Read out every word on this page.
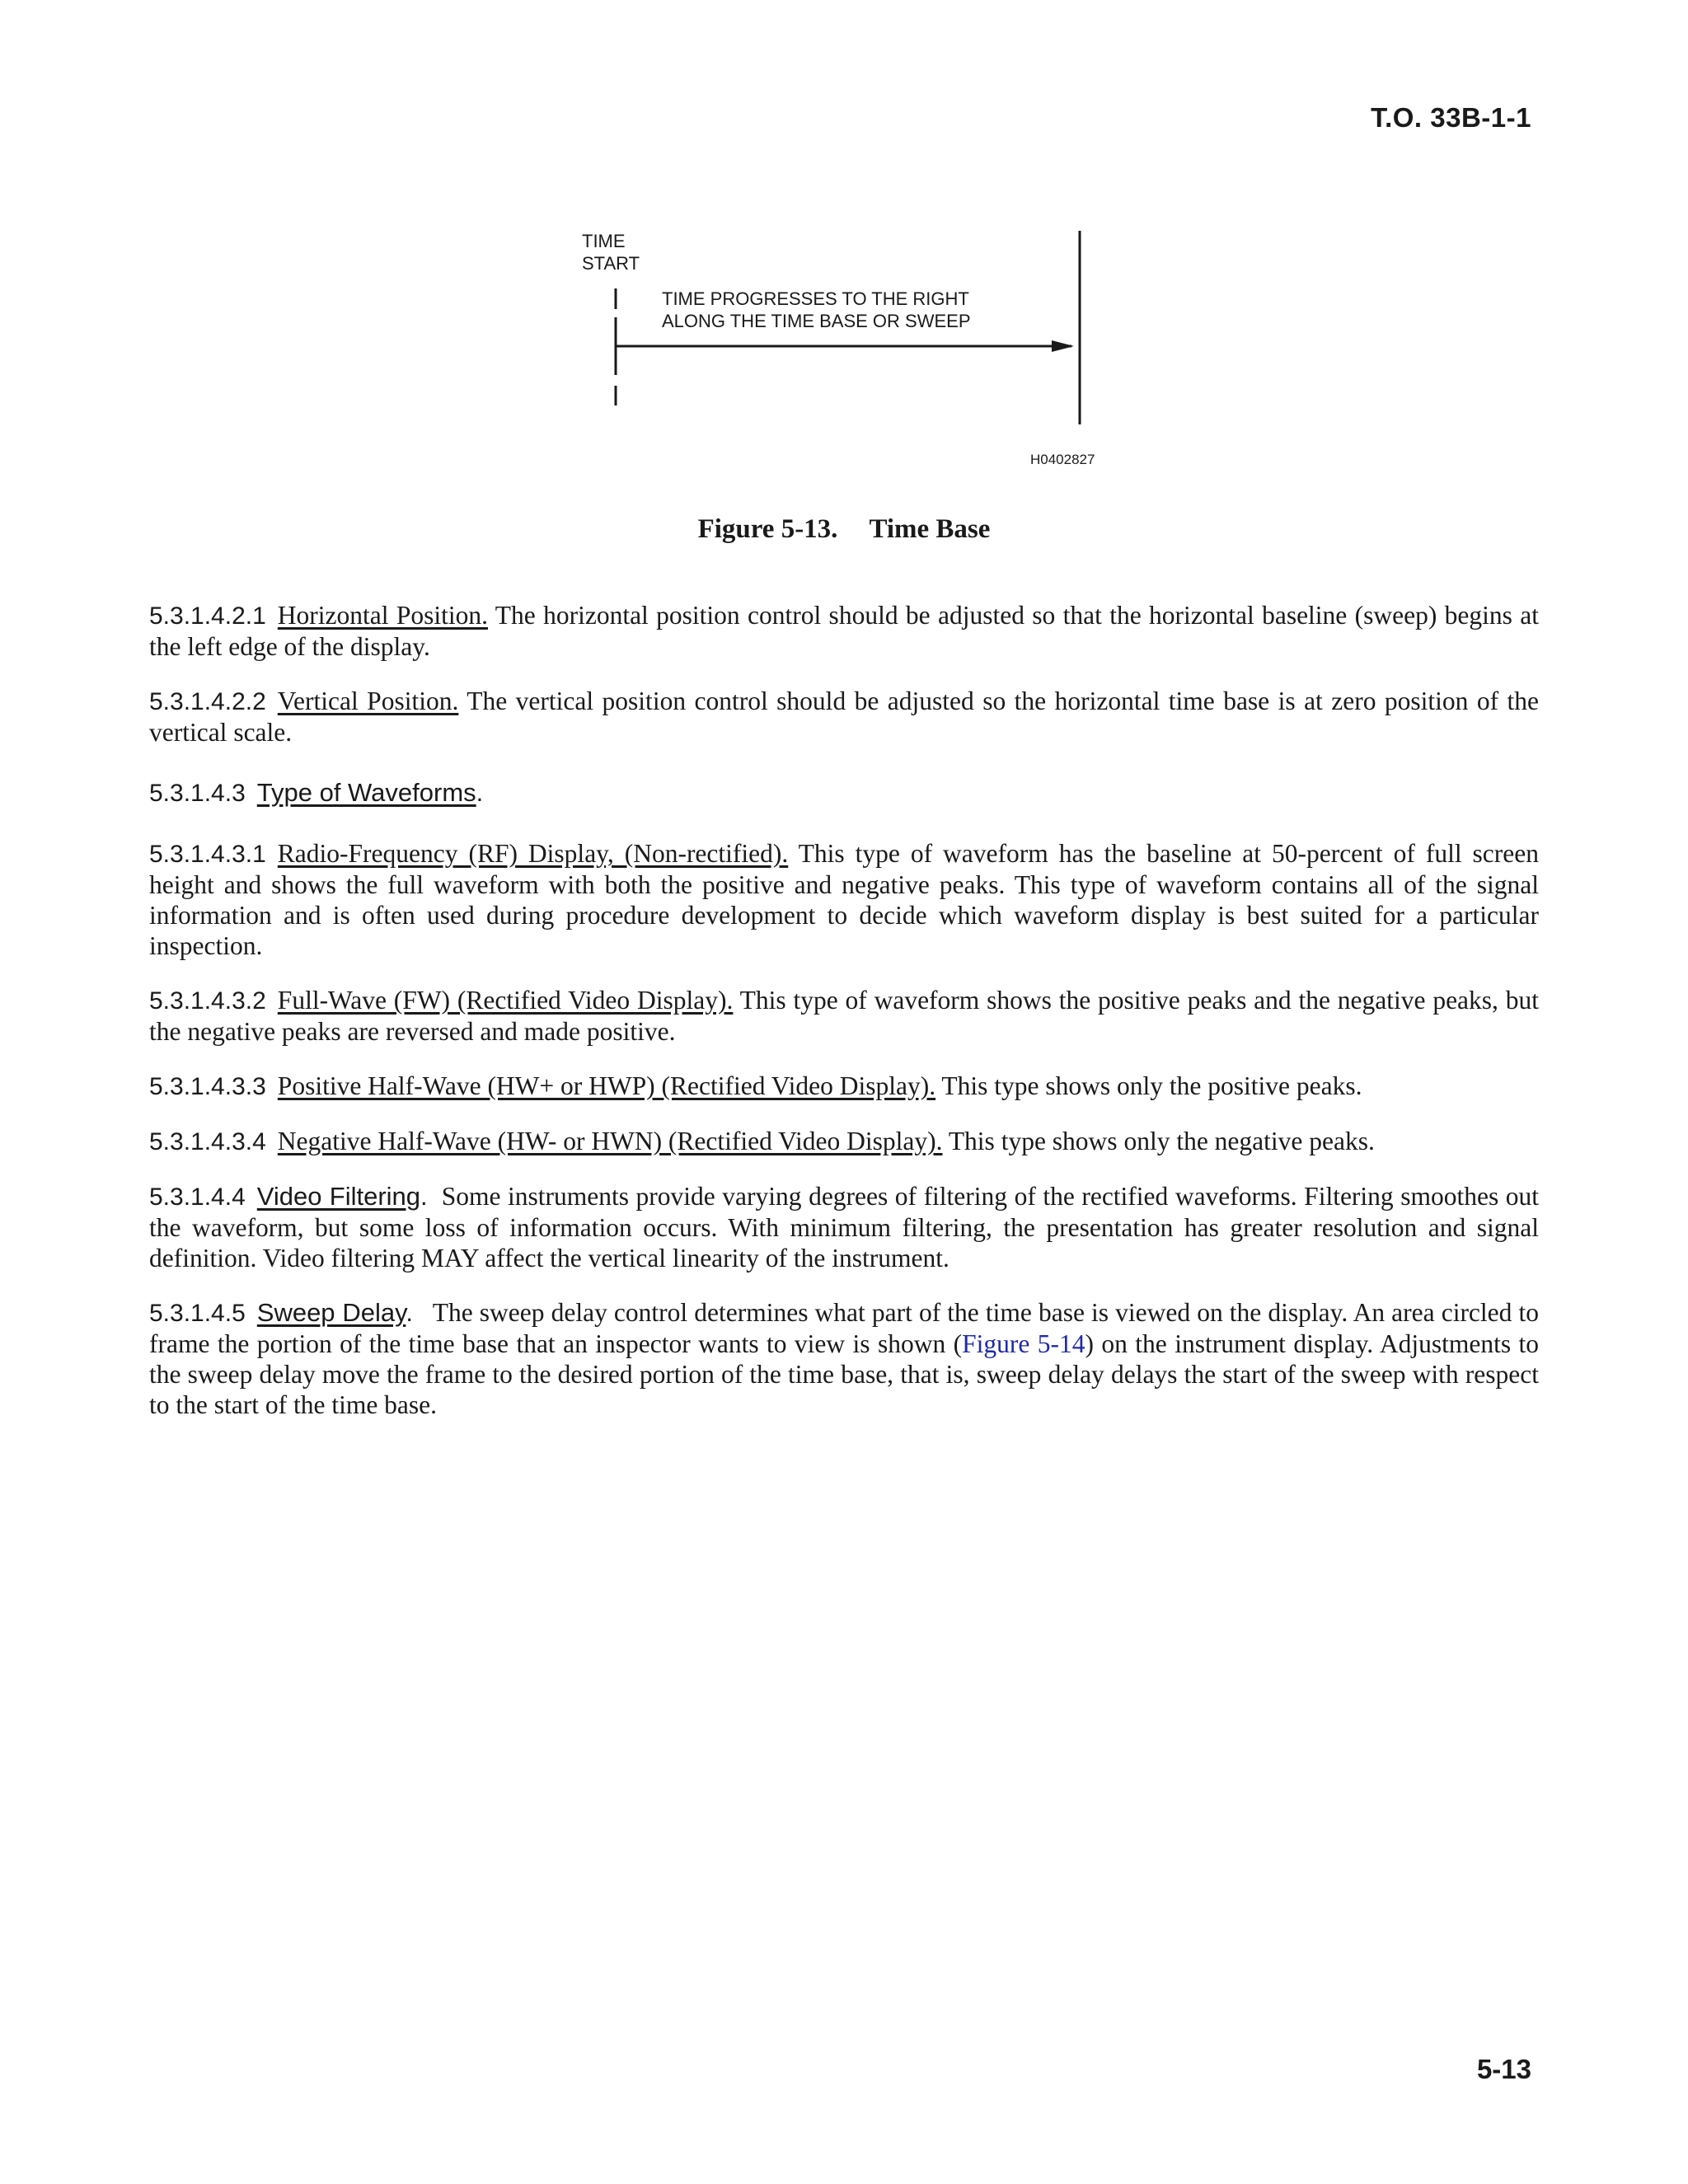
T.O. 33B-1-1
TIME
START
TIME PROGRESSES TO THE RIGHT
ALONG THE TIME BASE OR SWEEP
H0402827
Figure 5-13. Time Base

5.3.1.4.2.1 Horizontal Position. The horizontal position control should be adjusted so that the horizontal baseline (sweep) begins at the left edge of the display.

5.3.1.4.2.2 Vertical Position. The vertical position control should be adjusted so the horizontal time base is at zero position of the vertical scale.

5.3.1.4.3 Type of Waveforms.

5.3.1.4.3.1 Radio-Frequency (RF) Display, (Non-rectified). This type of waveform has the baseline at 50-percent of full screen height and shows the full waveform with both the positive and negative peaks. This type of waveform contains all of the signal information and is often used during procedure development to decide which waveform display is best suited for a particular inspection.

5.3.1.4.3.2 Full-Wave (FW) (Rectified Video Display). This type of waveform shows the positive peaks and the negative peaks, but the negative peaks are reversed and made positive.

5.3.1.4.3.3 Positive Half-Wave (HW+ or HWP) (Rectified Video Display). This type shows only the positive peaks.

5.3.1.4.3.4 Negative Half-Wave (HW- or HWN) (Rectified Video Display). This type shows only the negative peaks.

5.3.1.4.4 Video Filtering. Some instruments provide varying degrees of filtering of the rectified waveforms. Filtering smoothes out the waveform, but some loss of information occurs. With minimum filtering, the presentation has greater resolution and signal definition. Video filtering MAY affect the vertical linearity of the instrument.

5.3.1.4.5 Sweep Delay. The sweep delay control determines what part of the time base is viewed on the display. An area circled to frame the portion of the time base that an inspector wants to view is shown (Figure 5-14) on the instrument display. Adjustments to the sweep delay move the frame to the desired portion of the time base, that is, sweep delay delays the start of the sweep with respect to the start of the time base.

5-13
